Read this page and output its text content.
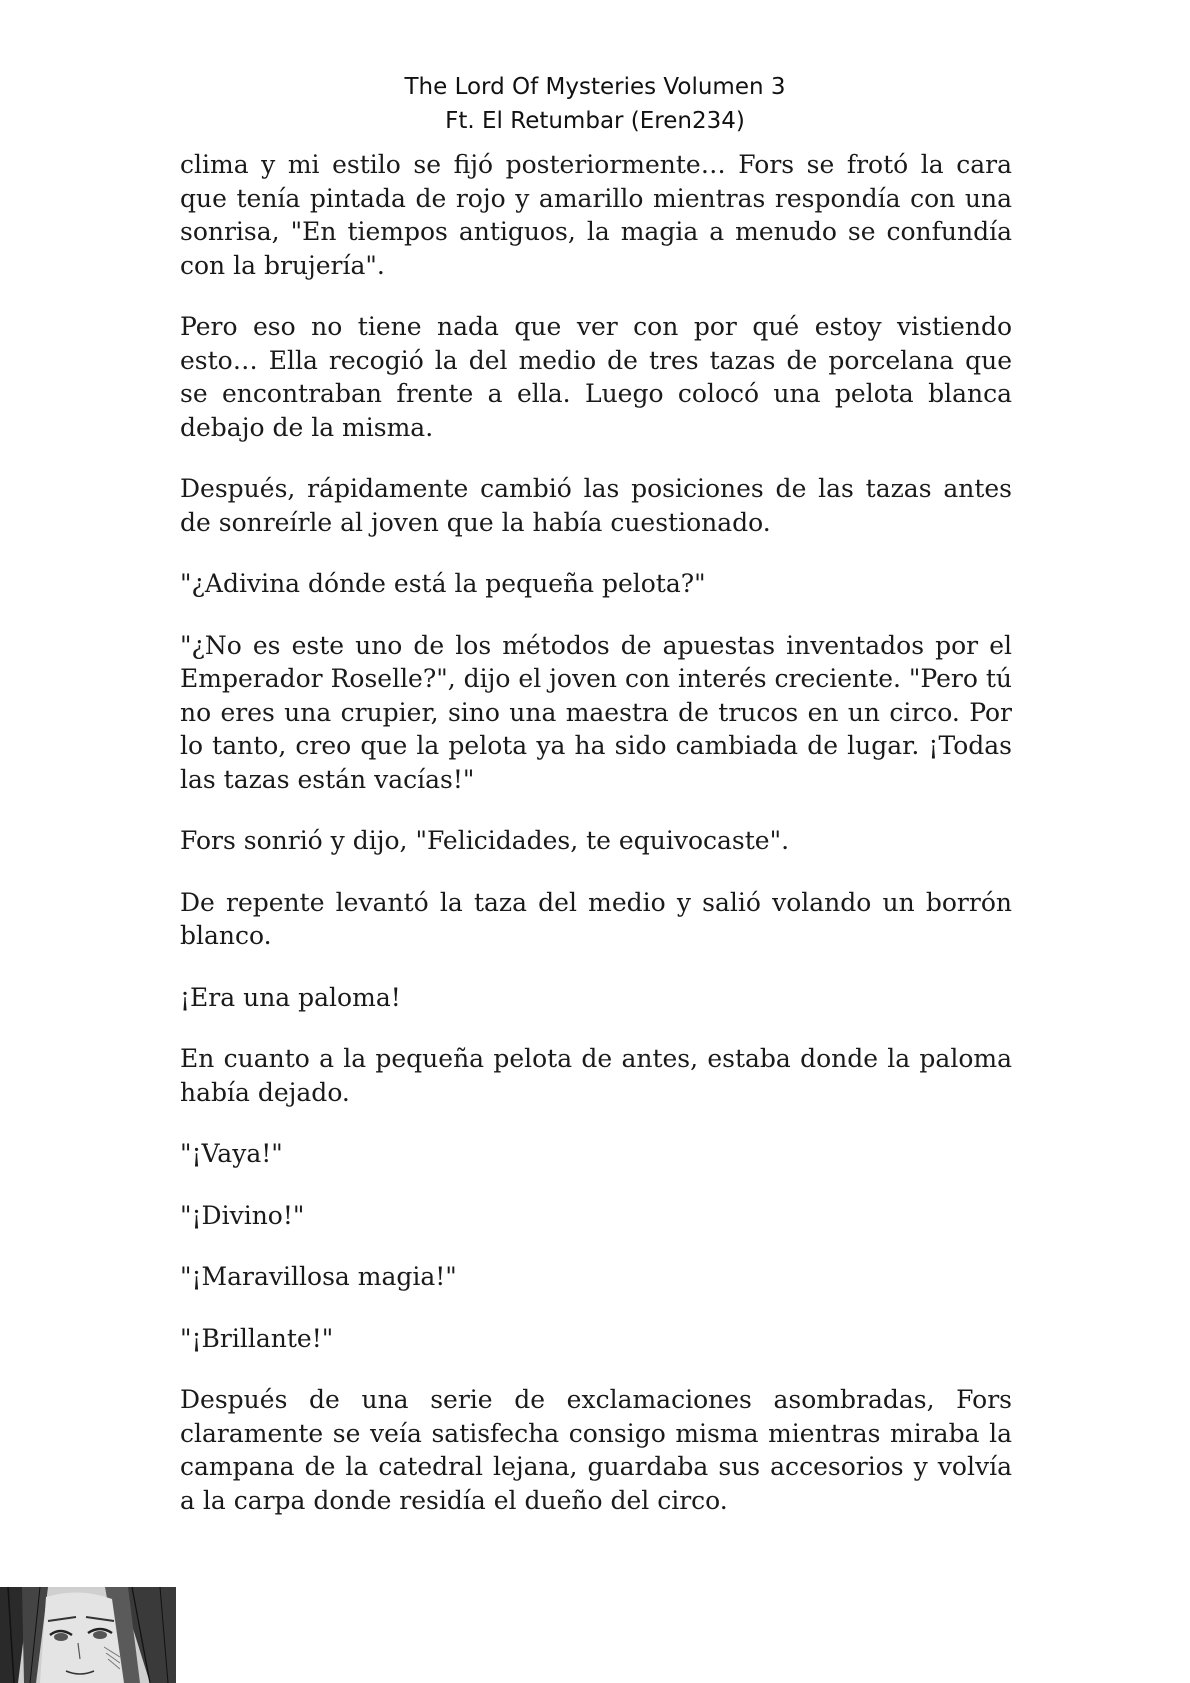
The Lord Of Mysteries Volumen 3
Ft. El Retumbar (Eren234)

clima y mi estilo se fijó posteriormente… Fors se frotó la cara que tenía pintada de rojo y amarillo mientras respondía con una sonrisa, "En tiempos antiguos, la magia a menudo se confundía con la brujería".

Pero eso no tiene nada que ver con por qué estoy vistiendo esto… Ella recogió la del medio de tres tazas de porcelana que se encontraban frente a ella. Luego colocó una pelota blanca debajo de la misma.

Después, rápidamente cambió las posiciones de las tazas antes de sonreírle al joven que la había cuestionado.

"¿Adivina dónde está la pequeña pelota?"

"¿No es este uno de los métodos de apuestas inventados por el Emperador Roselle?", dijo el joven con interés creciente. "Pero tú no eres una crupier, sino una maestra de trucos en un circo. Por lo tanto, creo que la pelota ya ha sido cambiada de lugar. ¡Todas las tazas están vacías!"

Fors sonrió y dijo, "Felicidades, te equivocaste".

De repente levantó la taza del medio y salió volando un borrón blanco.

¡Era una paloma!

En cuanto a la pequeña pelota de antes, estaba donde la paloma había dejado.

"¡Vaya!"

"¡Divino!"

"¡Maravillosa magia!"

"¡Brillante!"

Después de una serie de exclamaciones asombradas, Fors claramente se veía satisfecha consigo misma mientras miraba la campana de la catedral lejana, guardaba sus accesorios y volvía a la carpa donde residía el dueño del circo.
